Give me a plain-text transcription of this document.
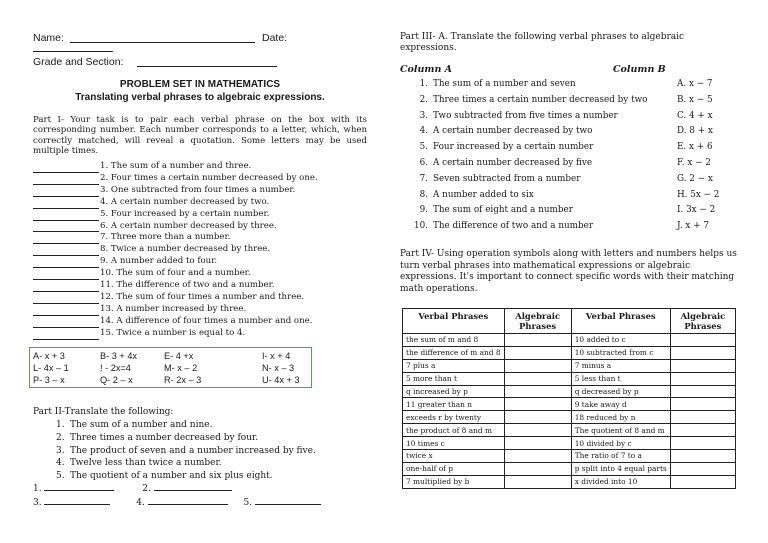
Name:	Date:
Grade and Section:
PROBLEM SET IN MATHEMATICS
Translating verbal phrases to algebraic expressions.
Part I- Your task is to pair each verbal phrase on the box with its corresponding number. Each number corresponds to a letter, which, when correctly matched, will reveal a quotation. Some letters may be used multiple times.
1. The sum of a number and three.
2. Four times a certain number decreased by one.
3. One subtracted from four times a number.
4. A certain number decreased by two.
5. Four increased by a certain number.
6. A certain number decreased by three.
7. Three more than a number.
8. Twice a number decreased by three.
9. A number added to four.
10. The sum of four and a number.
11. The difference of two and a number.
12. The sum of four times a number and three.
13. A number increased by three.
14. A difference of four times a number and one.
15. Twice a number is equal to 4.
A- x + 3	B- 3 + 4x	E- 4 +x	I- x + 4
L- 4x – 1	! - 2x=4	M- x – 2	N- x – 3
P- 3 – x	Q- 2 – x	R- 2x – 3	U- 4x + 3
Part II-Translate the following:
1. The sum of a number and nine.
2. Three times a number decreased by four.
3. The product of seven and a number increased by five.
4. Twelve less than twice a number.
5. The quotient of a number and six plus eight.
1.	2.
3.	4.	5.
Part III- A. Translate the following verbal phrases to algebraic expressions.
Column A	Column B
1. The sum of a number and seven	A. x − 7
2. Three times a certain number decreased by two	B. x − 5
3. Two subtracted from five times a number	C. 4 + x
4. A certain number decreased by two	D. 8 + x
5. Four increased by a certain number	E. x + 6
6. A certain number decreased by five	F. x − 2
7. Seven subtracted from a number	G. 2 − x
8. A number added to six	H. 5x − 2
9. The sum of eight and a number	I. 3x − 2
10. The difference of two and a number	J. x + 7
Part IV- Using operation symbols along with letters and numbers helps us turn verbal phrases into mathematical expressions or algebraic expressions. It's important to connect specific words with their matching math operations.
Verbal Phrases	Algebraic Phrases	Verbal Phrases	Algebraic Phrases
the sum of m and 8		10 added to c	
the difference of m and 8		10 subtracted from c	
7 plus a		7 minus a	
5 more than t		5 less than t	
q increased by p		q decreased by p	
11 greater than n		9 take away d	
exceeds r by twenty		18 reduced by n	
the product of 8 and m		The quotient of 8 and m	
10 times c		10 divided by c	
twice x		The ratio of 7 to a	
one-half of p		p split into 4 equal parts	
7 multiplied by b		x divided into 10	
